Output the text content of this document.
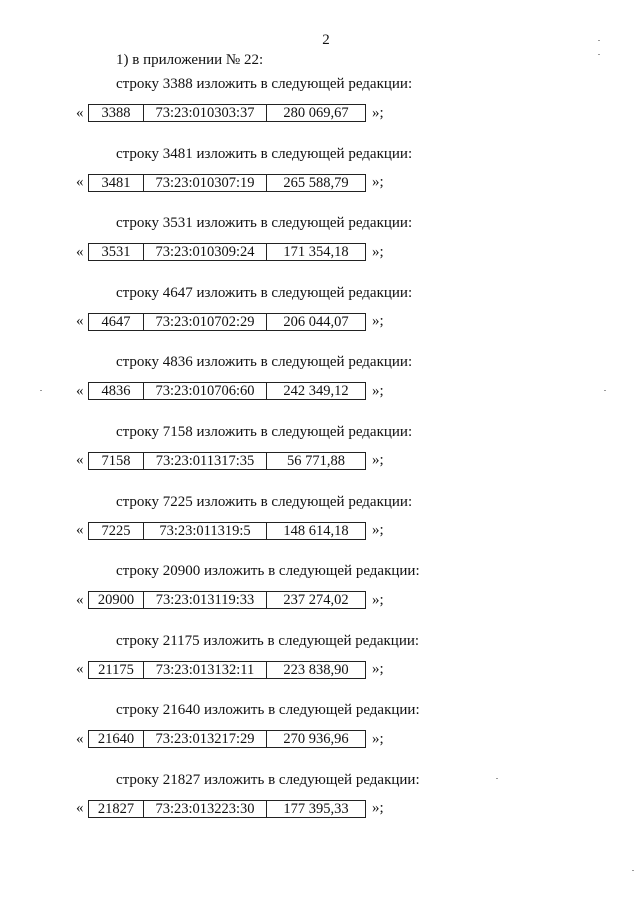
2
1) в приложении № 22:
строку 3388 изложить в следующей редакции:
«	3388	73:23:010303:37	280 069,67	»;
строку 3481 изложить в следующей редакции:
«	3481	73:23:010307:19	265 588,79	»;
строку 3531 изложить в следующей редакции:
«	3531	73:23:010309:24	171 354,18	»;
строку 4647 изложить в следующей редакции:
«	4647	73:23:010702:29	206 044,07	»;
строку 4836 изложить в следующей редакции:
«	4836	73:23:010706:60	242 349,12	»;
строку 7158 изложить в следующей редакции:
«	7158	73:23:011317:35	56 771,88	»;
строку 7225 изложить в следующей редакции:
«	7225	73:23:011319:5	148 614,18	»;
строку 20900 изложить в следующей редакции:
« 20900	73:23:013119:33	237 274,02	»;
строку 21175 изложить в следующей редакции:
«	21175	73:23:013132:11	223 838,90	»;
строку 21640 изложить в следующей редакции:
« 21640	73:23:013217:29	270 936,96	»;
строку 21827 изложить в следующей редакции:
« 21827	73:23:013223:30	177 395,33	»;
